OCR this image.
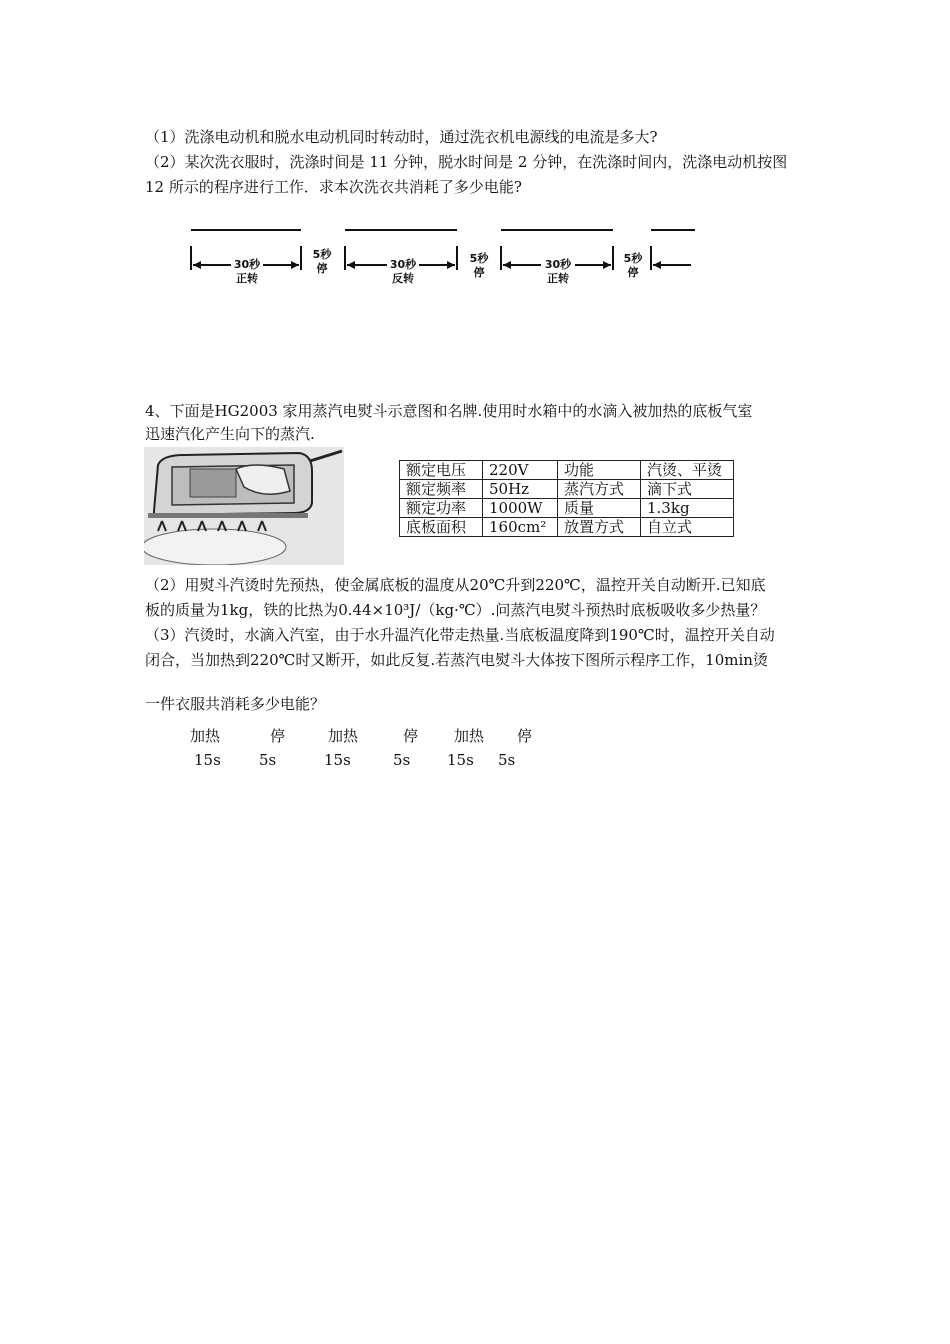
（1）洗涤电动机和脱水电动机同时转动时，通过洗衣机电源线的电流是多大?
（2）某次洗衣服时，洗涤时间是 11 分钟，脱水时间是 2 分钟，在洗涤时间内，洗涤电动机按图
12 所示的程序进行工作．求本次洗衣共消耗了多少电能?
30秒
正转
30秒
反转
30秒
正转
5秒
停
5秒
停
5秒
停
4、下面是HG2003 家用蒸汽电熨斗示意图和名牌.使用时水箱中的水滴入被加热的底板气室
迅速汽化产生向下的蒸汽.
额定电压	220V	功能	汽烫、平烫
额定频率	50Hz	蒸汽方式	滴下式
额定功率	1000W	质量	1.3kg
底板面积	160cm²	放置方式	自立式
（2）用熨斗汽烫时先预热，使金属底板的温度从20℃升到220℃，温控开关自动断开.已知底
板的质量为1kg，铁的比热为0.44×10³J/（kg·℃）.问蒸汽电熨斗预热时底板吸收多少热量？
（3）汽烫时，水滴入汽室，由于水升温汽化带走热量.当底板温度降到190℃时，温控开关自动
闭合，当加热到220℃时又断开，如此反复.若蒸汽电熨斗大体按下图所示程序工作，10min烫
一件衣服共消耗多少电能？
加热	停	加热	停 加热 停
15s	5s	15s	5s 15s 5s
